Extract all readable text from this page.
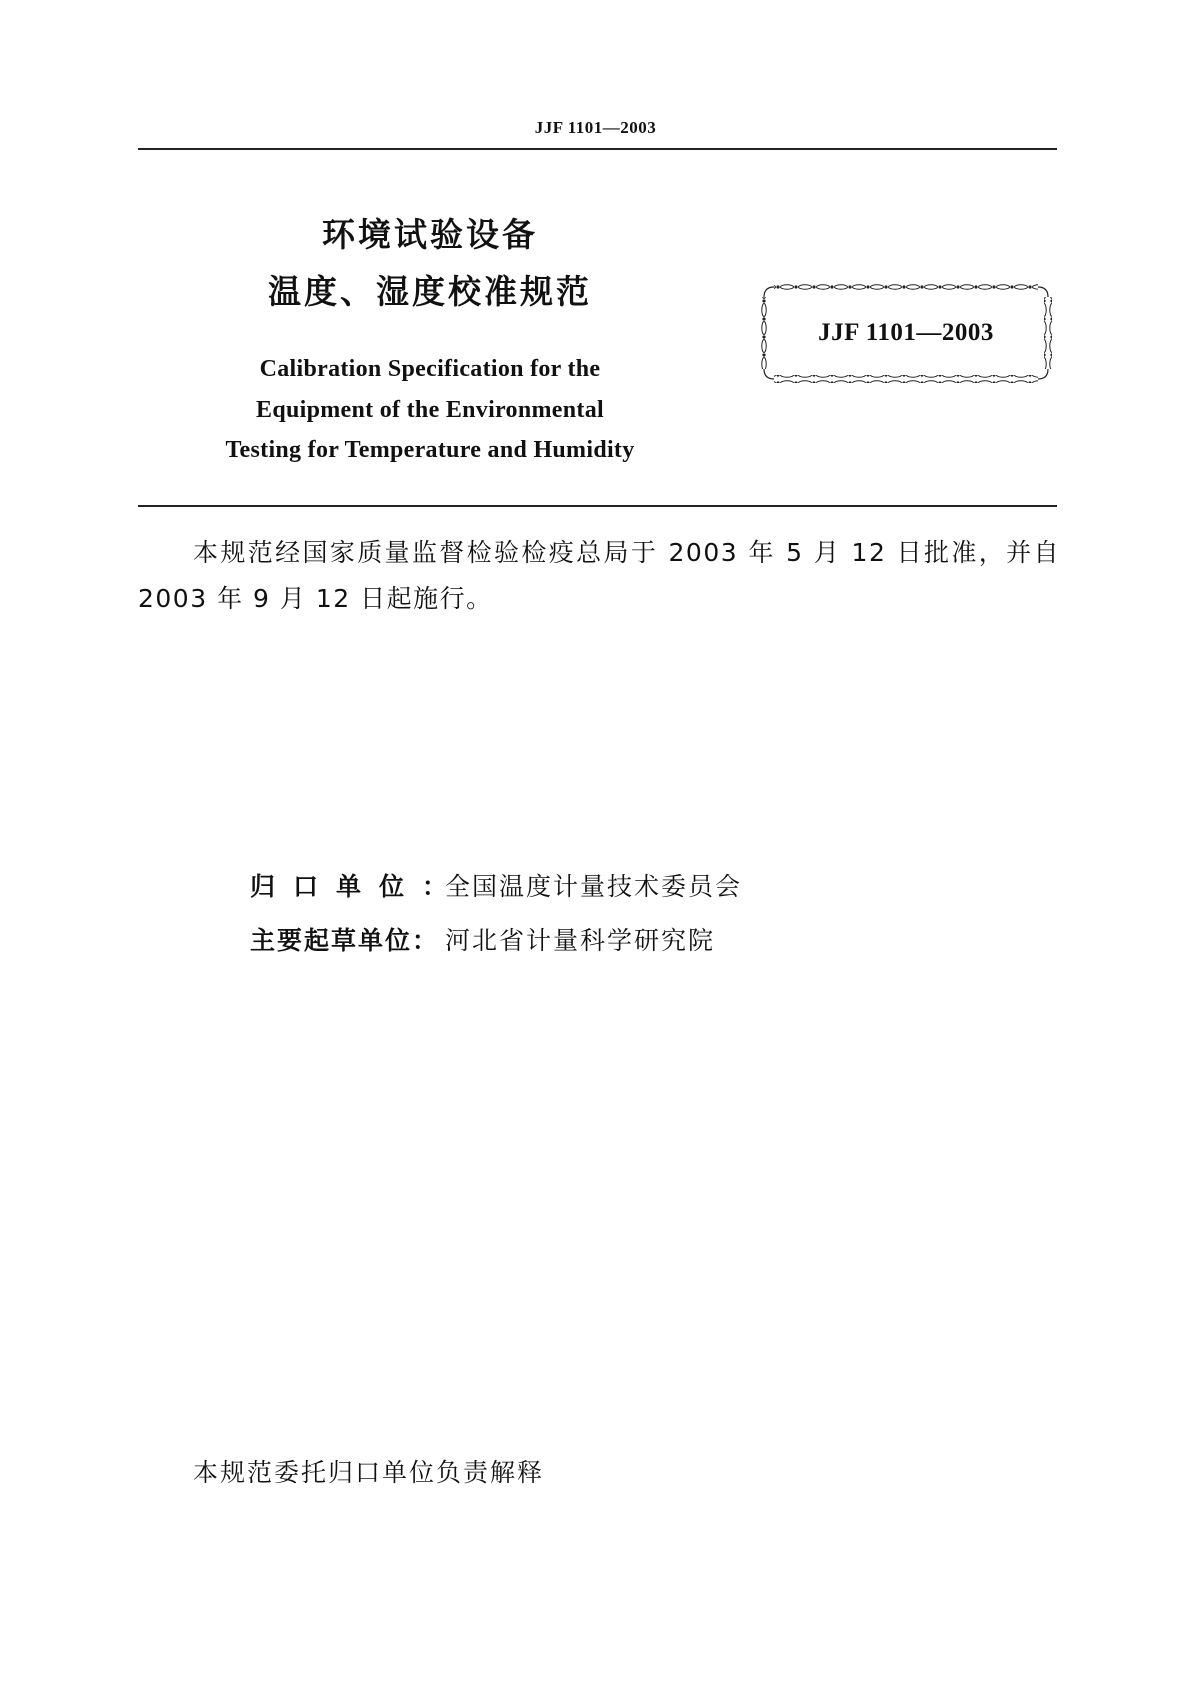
JJF 1101—2003
环境试验设备
温度、湿度校准规范
Calibration Specification for the
Equipment of the Environmental
Testing for Temperature and Humidity
JJF 1101—2003
本规范经国家质量监督检验检疫总局于 2003 年 5 月 12 日批准，并自 2003 年 9 月 12 日起施行。
归口单位：全国温度计量技术委员会
主要起草单位： 河北省计量科学研究院
本规范委托归口单位负责解释
